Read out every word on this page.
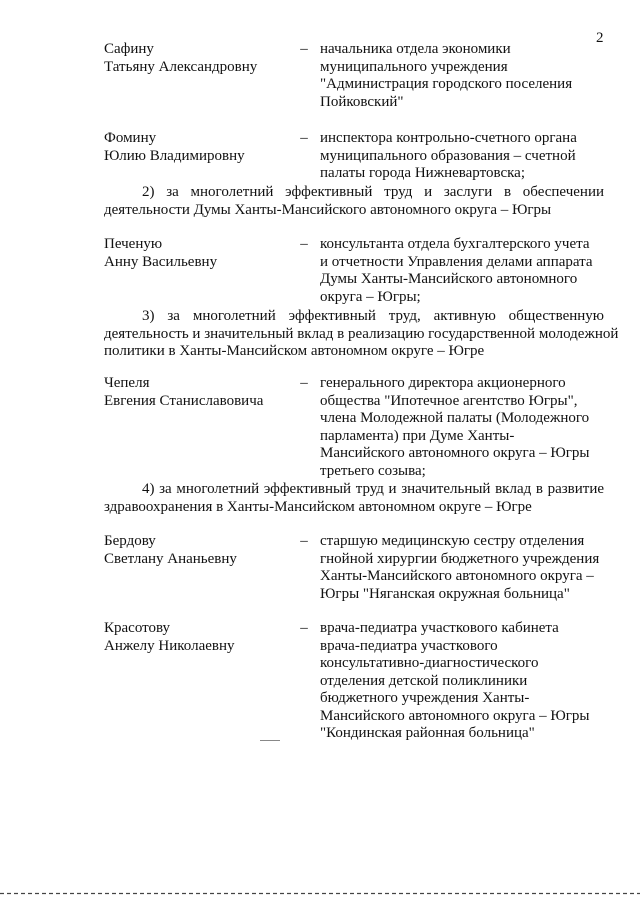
2
Сафину
Татьяну Александровну
– начальника отдела экономики
муниципального учреждения
"Администрация городского поселения
Пойковский"
Фомину
Юлию Владимировну
– инспектора контрольно-счетного органа
муниципального образования – счетной
палаты города Нижневартовска;
2) за многолетний эффективный труд и заслуги в обеспечении
деятельности Думы Ханты-Мансийского автономного округа – Югры
Печеную
Анну Васильевну
– консультанта отдела бухгалтерского учета
и отчетности Управления делами аппарата
Думы Ханты-Мансийского автономного
округа – Югры;
3) за многолетний эффективный труд, активную общественную
деятельность и значительный вклад в реализацию государственной молодежной
политики в Ханты-Мансийском автономном округе – Югре
Чепеля
Евгения Станиславовича
– генерального директора акционерного
общества "Ипотечное агентство Югры",
члена Молодежной палаты (Молодежного
парламента) при Думе Ханты-
Мансийского автономного округа – Югры
третьего созыва;
4) за многолетний эффективный труд и значительный вклад в развитие
здравоохранения в Ханты-Мансийском автономном округе – Югре
Бердову
Светлану Ананьевну
– старшую медицинскую сестру отделения
гнойной хирургии бюджетного учреждения
Ханты-Мансийского автономного округа –
Югры "Няганская окружная больница"
Красотову
Анжелу Николаевну
– врача-педиатра участкового кабинета
врача-педиатра участкового
консультативно-диагностического
отделения детской поликлиники
бюджетного учреждения Ханты-
Мансийского автономного округа – Югры
"Кондинская районная больница"
